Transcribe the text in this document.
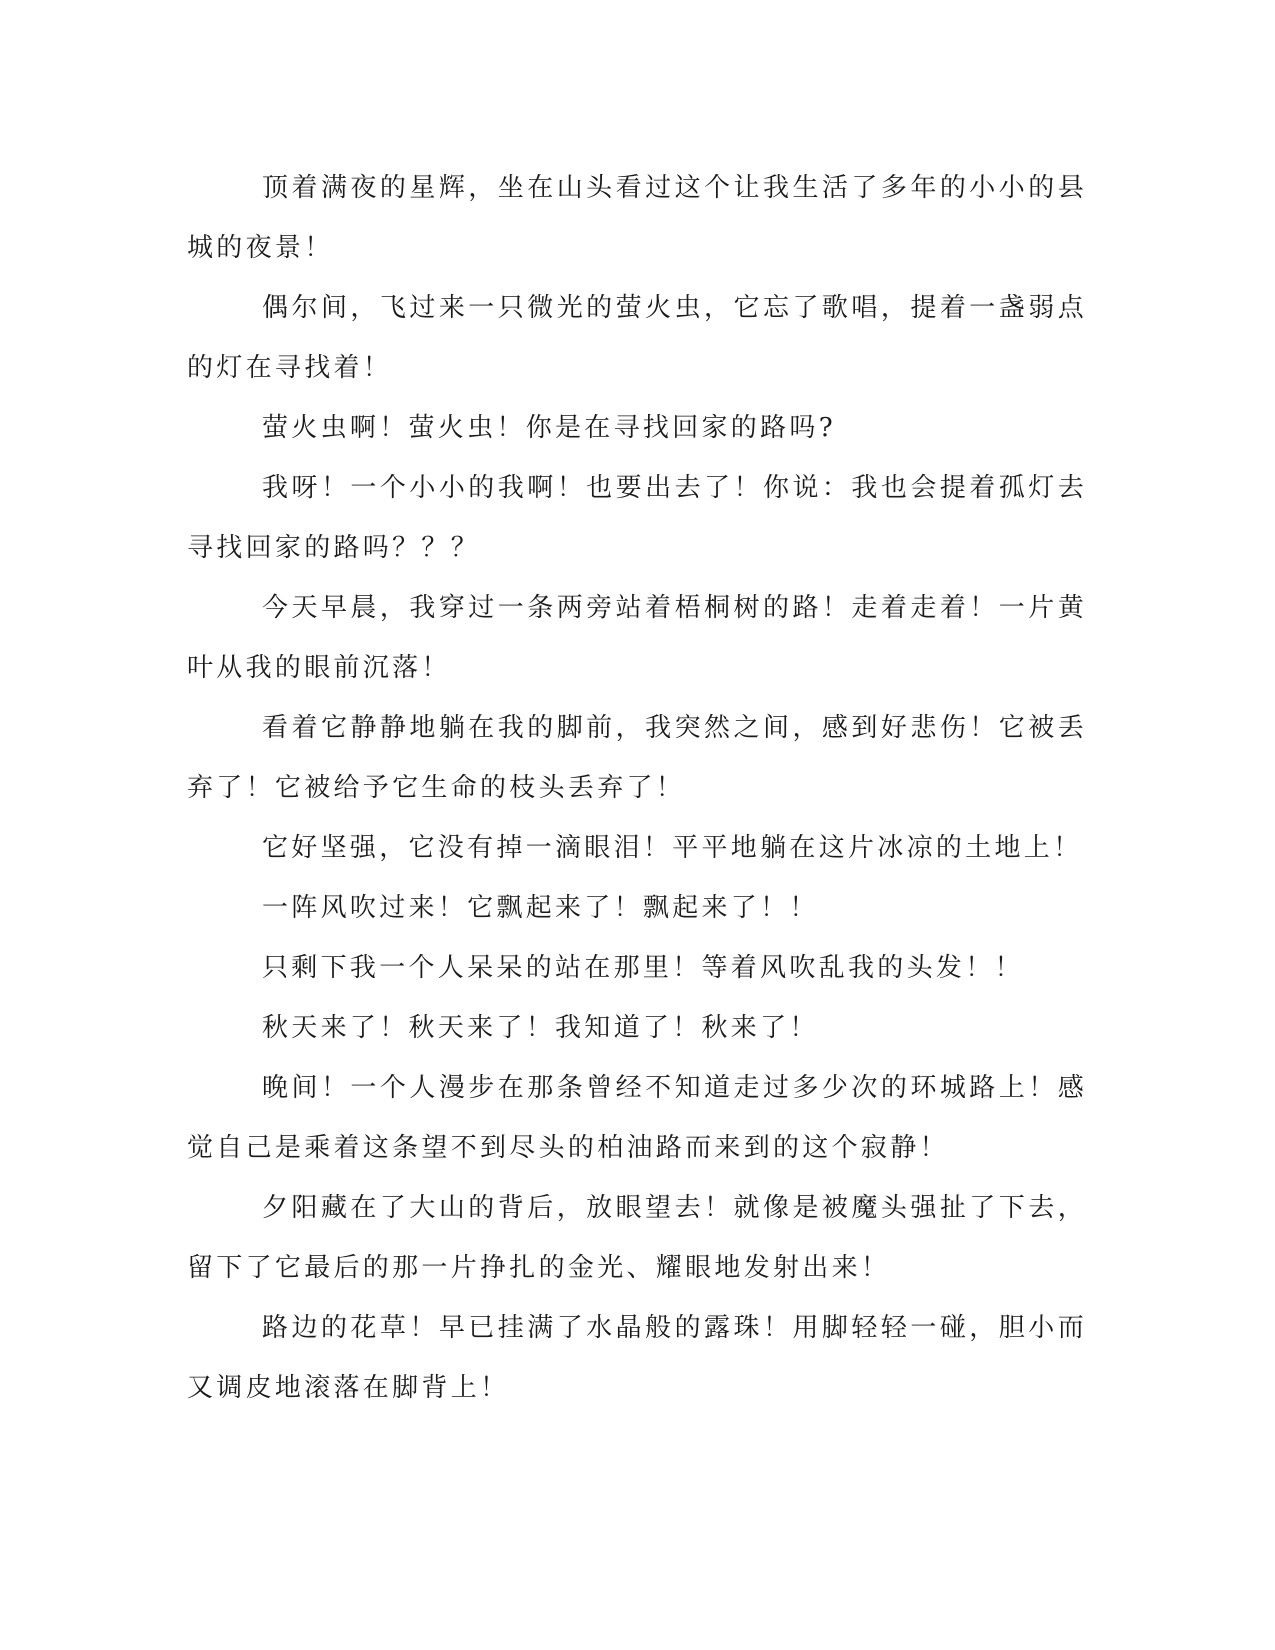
顶着满夜的星辉，坐在山头看过这个让我生活了多年的小小的县城的夜景！

偶尔间，飞过来一只微光的萤火虫，它忘了歌唱，提着一盏弱点的灯在寻找着！

萤火虫啊！萤火虫！你是在寻找回家的路吗?

我呀！一个小小的我啊！也要出去了！你说：我也会提着孤灯去寻找回家的路吗？？？

今天早晨，我穿过一条两旁站着梧桐树的路！走着走着！一片黄叶从我的眼前沉落！

看着它静静地躺在我的脚前，我突然之间，感到好悲伤！它被丢弃了！它被给予它生命的枝头丢弃了！

它好坚强，它没有掉一滴眼泪！平平地躺在这片冰凉的土地上！

一阵风吹过来！它飘起来了！飘起来了！！

只剩下我一个人呆呆的站在那里！等着风吹乱我的头发！！

秋天来了！秋天来了！我知道了！秋来了！

晚间！一个人漫步在那条曾经不知道走过多少次的环城路上！感觉自己是乘着这条望不到尽头的柏油路而来到的这个寂静！

夕阳藏在了大山的背后，放眼望去！就像是被魔头强扯了下去，留下了它最后的那一片挣扎的金光、耀眼地发射出来！

路边的花草！早已挂满了水晶般的露珠！用脚轻轻一碰，胆小而又调皮地滚落在脚背上！
